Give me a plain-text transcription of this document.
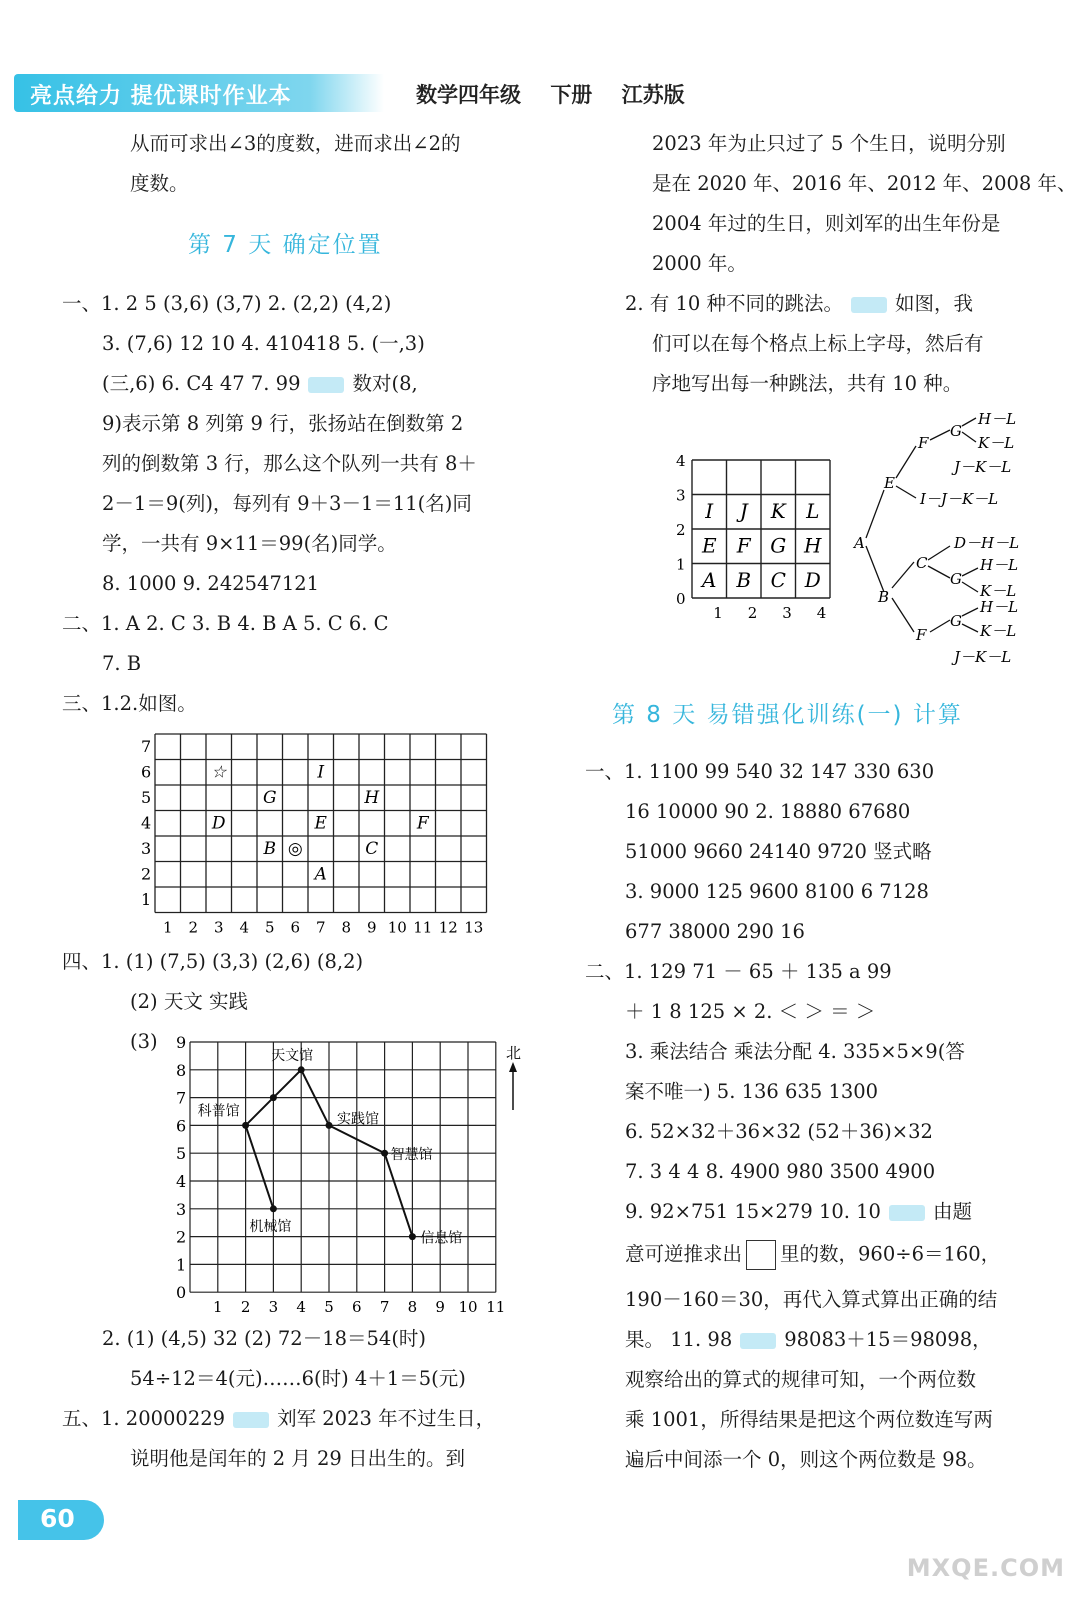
亮点给力 提优课时作业本	数学四年级 下册 江苏版
从而可求出∠3的度数，进而求出∠2的
度数。
第 7 天 确定位置
一、1. 2 5 (3,6) (3,7) 2. (2,2) (4,2)
3. (7,6) 12 10 4. 410418 5. (一,3)
(三,6) 6. C4 47 7. 99	数对(8,
9)表示第 8 列第 9 行，张扬站在倒数第 2
列的倒数第 3 行，那么这个队列一共有 8＋
2－1＝9(列)，每列有 9＋3－1＝11(名)同
学，一共有 9×11＝99(名)同学。
8. 1000 9. 242547121
二、1. A 2. C 3. B 4. B A 5. C 6. C
7. B
三、1.2.如图。
1
2
3
4
5
6
7
1 2 3 4 5 6 7 8 9 10 11 12 13
☆	I
G	H
D	E	F
B ◎	C
A
四、1. (1) (7,5) (3,3) (2,6) (8,2)
(2) 天文 实践
(3)
0
1
2
3
4
5
6
7
8
9
1 2 3 4 5 6 7 8 9 10 11
天文馆
科普馆	实践馆
智慧馆
机械馆
信息馆
北
2. (1) (4,5) 32 (2) 72－18＝54(时)
54÷12＝4(元)……6(时) 4＋1＝5(元)
五、1. 20000229	刘军 2023 年不过生日，
说明他是闰年的 2 月 29 日出生的。到
2023 年为止只过了 5 个生日，说明分别
是在 2020 年、2016 年、2012 年、2008 年、
2004 年过的生日，则刘军的出生年份是
2000 年。
2. 有 10 种不同的跳法。	如图，我
们可以在每个格点上标上字母，然后有
序地写出每一种跳法，共有 10 种。
0
1
2
3
4
1 2 3 4
I J K L
E F G H
A B C D
A
E
B
F
G
H－L
K－L
J－K－L
I－J－K－L
C
D－H－L
G
H－L
K－L
F
G
H－L
K－L
J－K－L
第 8 天 易错强化训练(一) 计算
一、1. 1100 99 540 32 147 330 630
16 10000 90 2. 18880 67680
51000 9660 24140 9720 竖式略
3. 9000 125 9600 8100 6 7128
677 38000 290 16
二、1. 129 71 － 65 ＋ 135 a 99
＋ 1 8 125 × 2. ＜ ＞ ＝ ＞
3. 乘法结合 乘法分配 4. 335×5×9(答
案不唯一) 5. 136 635 1300
6. 52×32＋36×32 (52＋36)×32
7. 3 4 4 8. 4900 980 3500 4900
9. 92×751 15×279 10. 10	由题
意可逆推求出 里的数，960÷6＝160，
190－160＝30，再代入算式算出正确的结
果。 11. 98	98083＋15＝98098，
观察给出的算式的规律可知，一个两位数
乘 1001，所得结果是把这个两位数连写两
遍后中间添一个 0，则这个两位数是 98。
60
MXQE.COM
